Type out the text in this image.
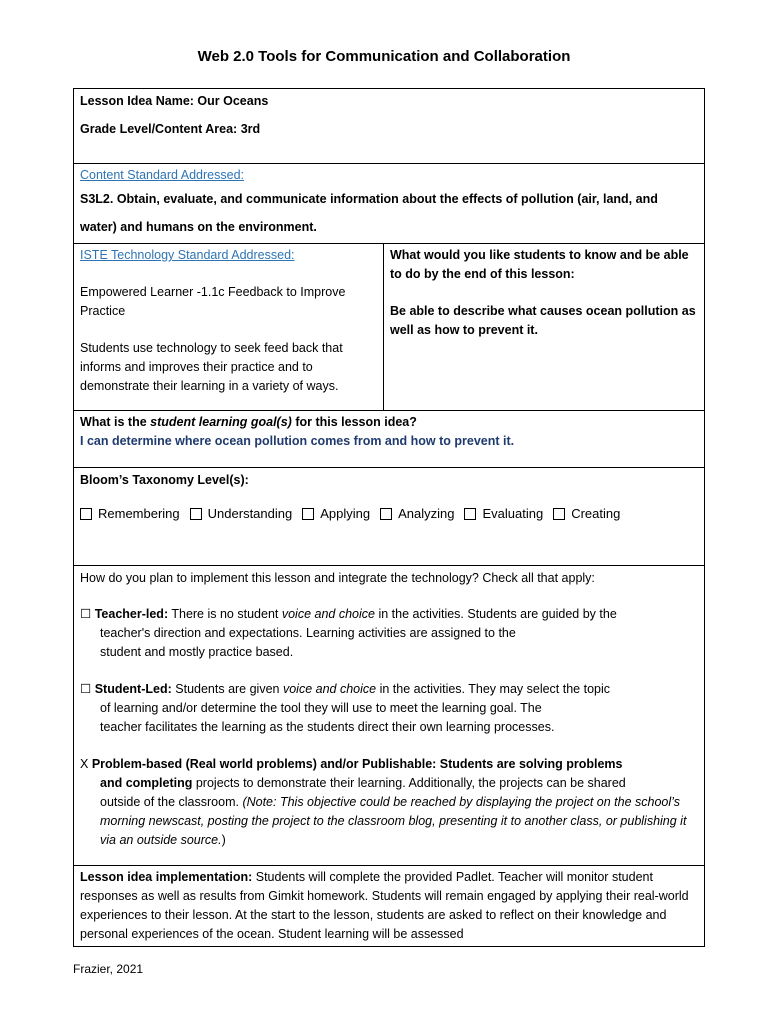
Web 2.0 Tools for Communication and Collaboration

Lesson Idea Name: Our Oceans

Grade Level/Content Area: 3rd

Content Standard Addressed:

S3L2. Obtain, evaluate, and communicate information about the effects of pollution (air, land, and water) and humans on the environment.

ISTE Technology Standard Addressed:

Empowered Learner -1.1c Feedback to Improve Practice

Students use technology to seek feed back that informs and improves their practice and to demonstrate their learning in a variety of ways.

What would you like students to know and be able to do by the end of this lesson:

Be able to describe what causes ocean pollution as well as how to prevent it.

What is the student learning goal(s) for this lesson idea?

I can determine where ocean pollution comes from and how to prevent it.

Bloom’s Taxonomy Level(s):

Remembering Understanding Applying Analyzing Evaluating Creating

How do you plan to implement this lesson and integrate the technology? Check all that apply:

☐ Teacher-led: There is no student voice and choice in the activities. Students are guided by the

teacher's direction and expectations. Learning activities are assigned to the

student and mostly practice based.

☐ Student-Led: Students are given voice and choice in the activities. They may select the topic

of learning and/or determine the tool they will use to meet the learning goal. The

teacher facilitates the learning as the students direct their own learning processes.

X Problem-based (Real world problems) and/or Publishable: Students are solving problems

and completing projects to demonstrate their learning. Additionally, the projects can be shared

outside of the classroom. (Note: This objective could be reached by displaying the project on the school’s morning newscast, posting the project to the classroom blog, presenting it to another class, or publishing it via an outside source.)

Lesson idea implementation: Students will complete the provided Padlet. Teacher will monitor student responses as well as results from Gimkit homework. Students will remain engaged by applying their real-world experiences to their lesson. At the start to the lesson, students are asked to reflect on their knowledge and personal experiences of the ocean. Student learning will be assessed

Frazier, 2021
